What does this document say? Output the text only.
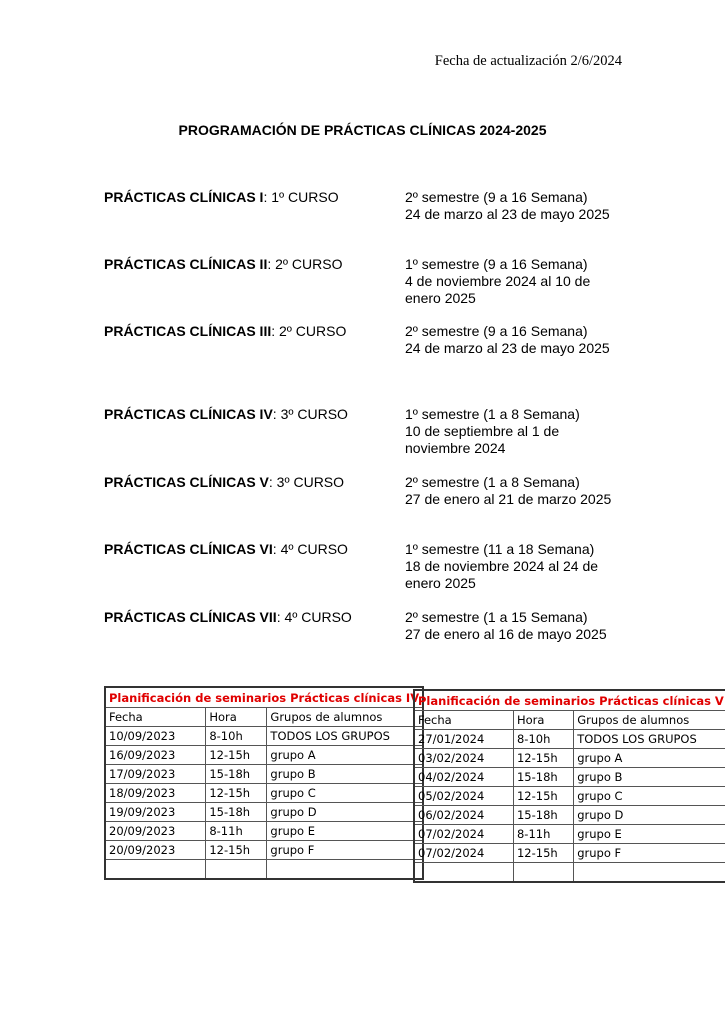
Fecha de actualización 2/6/2024
PROGRAMACIÓN DE PRÁCTICAS CLÍNICAS 2024-2025
PRÁCTICAS CLÍNICAS I: 1º CURSO	2º semestre (9 a 16 Semana)
24 de marzo al 23 de mayo 2025
PRÁCTICAS CLÍNICAS II: 2º CURSO	1º semestre (9 a 16 Semana)
4 de noviembre 2024 al 10 de enero 2025
PRÁCTICAS CLÍNICAS III: 2º CURSO	2º semestre (9 a 16 Semana)
24 de marzo al 23 de mayo 2025
PRÁCTICAS CLÍNICAS IV: 3º CURSO	1º semestre (1 a 8 Semana)
10 de septiembre al 1 de noviembre 2024
PRÁCTICAS CLÍNICAS V: 3º CURSO	2º semestre (1 a 8 Semana)
27 de enero al 21 de marzo 2025
PRÁCTICAS CLÍNICAS VI: 4º CURSO	1º semestre (11 a 18 Semana)
18 de noviembre 2024 al 24 de enero 2025
PRÁCTICAS CLÍNICAS VII: 4º CURSO	2º semestre (1 a 15 Semana)
27 de enero al 16 de mayo 2025
Planificación de seminarios Prácticas clínicas IV		
Fecha	Hora	Grupos de alumnos
10/09/2023	8-10h	TODOS LOS GRUPOS
16/09/2023	12-15h	grupo A
17/09/2023	15-18h	grupo B
18/09/2023	12-15h	grupo C
19/09/2023	15-18h	grupo D
20/09/2023	8-11h	grupo E
20/09/2023	12-15h	grupo F

Planificación de seminarios Prácticas clínicas V		
Fecha	Hora	Grupos de alumnos
27/01/2024	8-10h	TODOS LOS GRUPOS
03/02/2024	12-15h	grupo A
04/02/2024	15-18h	grupo B
05/02/2024	12-15h	grupo C
06/02/2024	15-18h	grupo D
07/02/2024	8-11h	grupo E
07/02/2024	12-15h	grupo F
